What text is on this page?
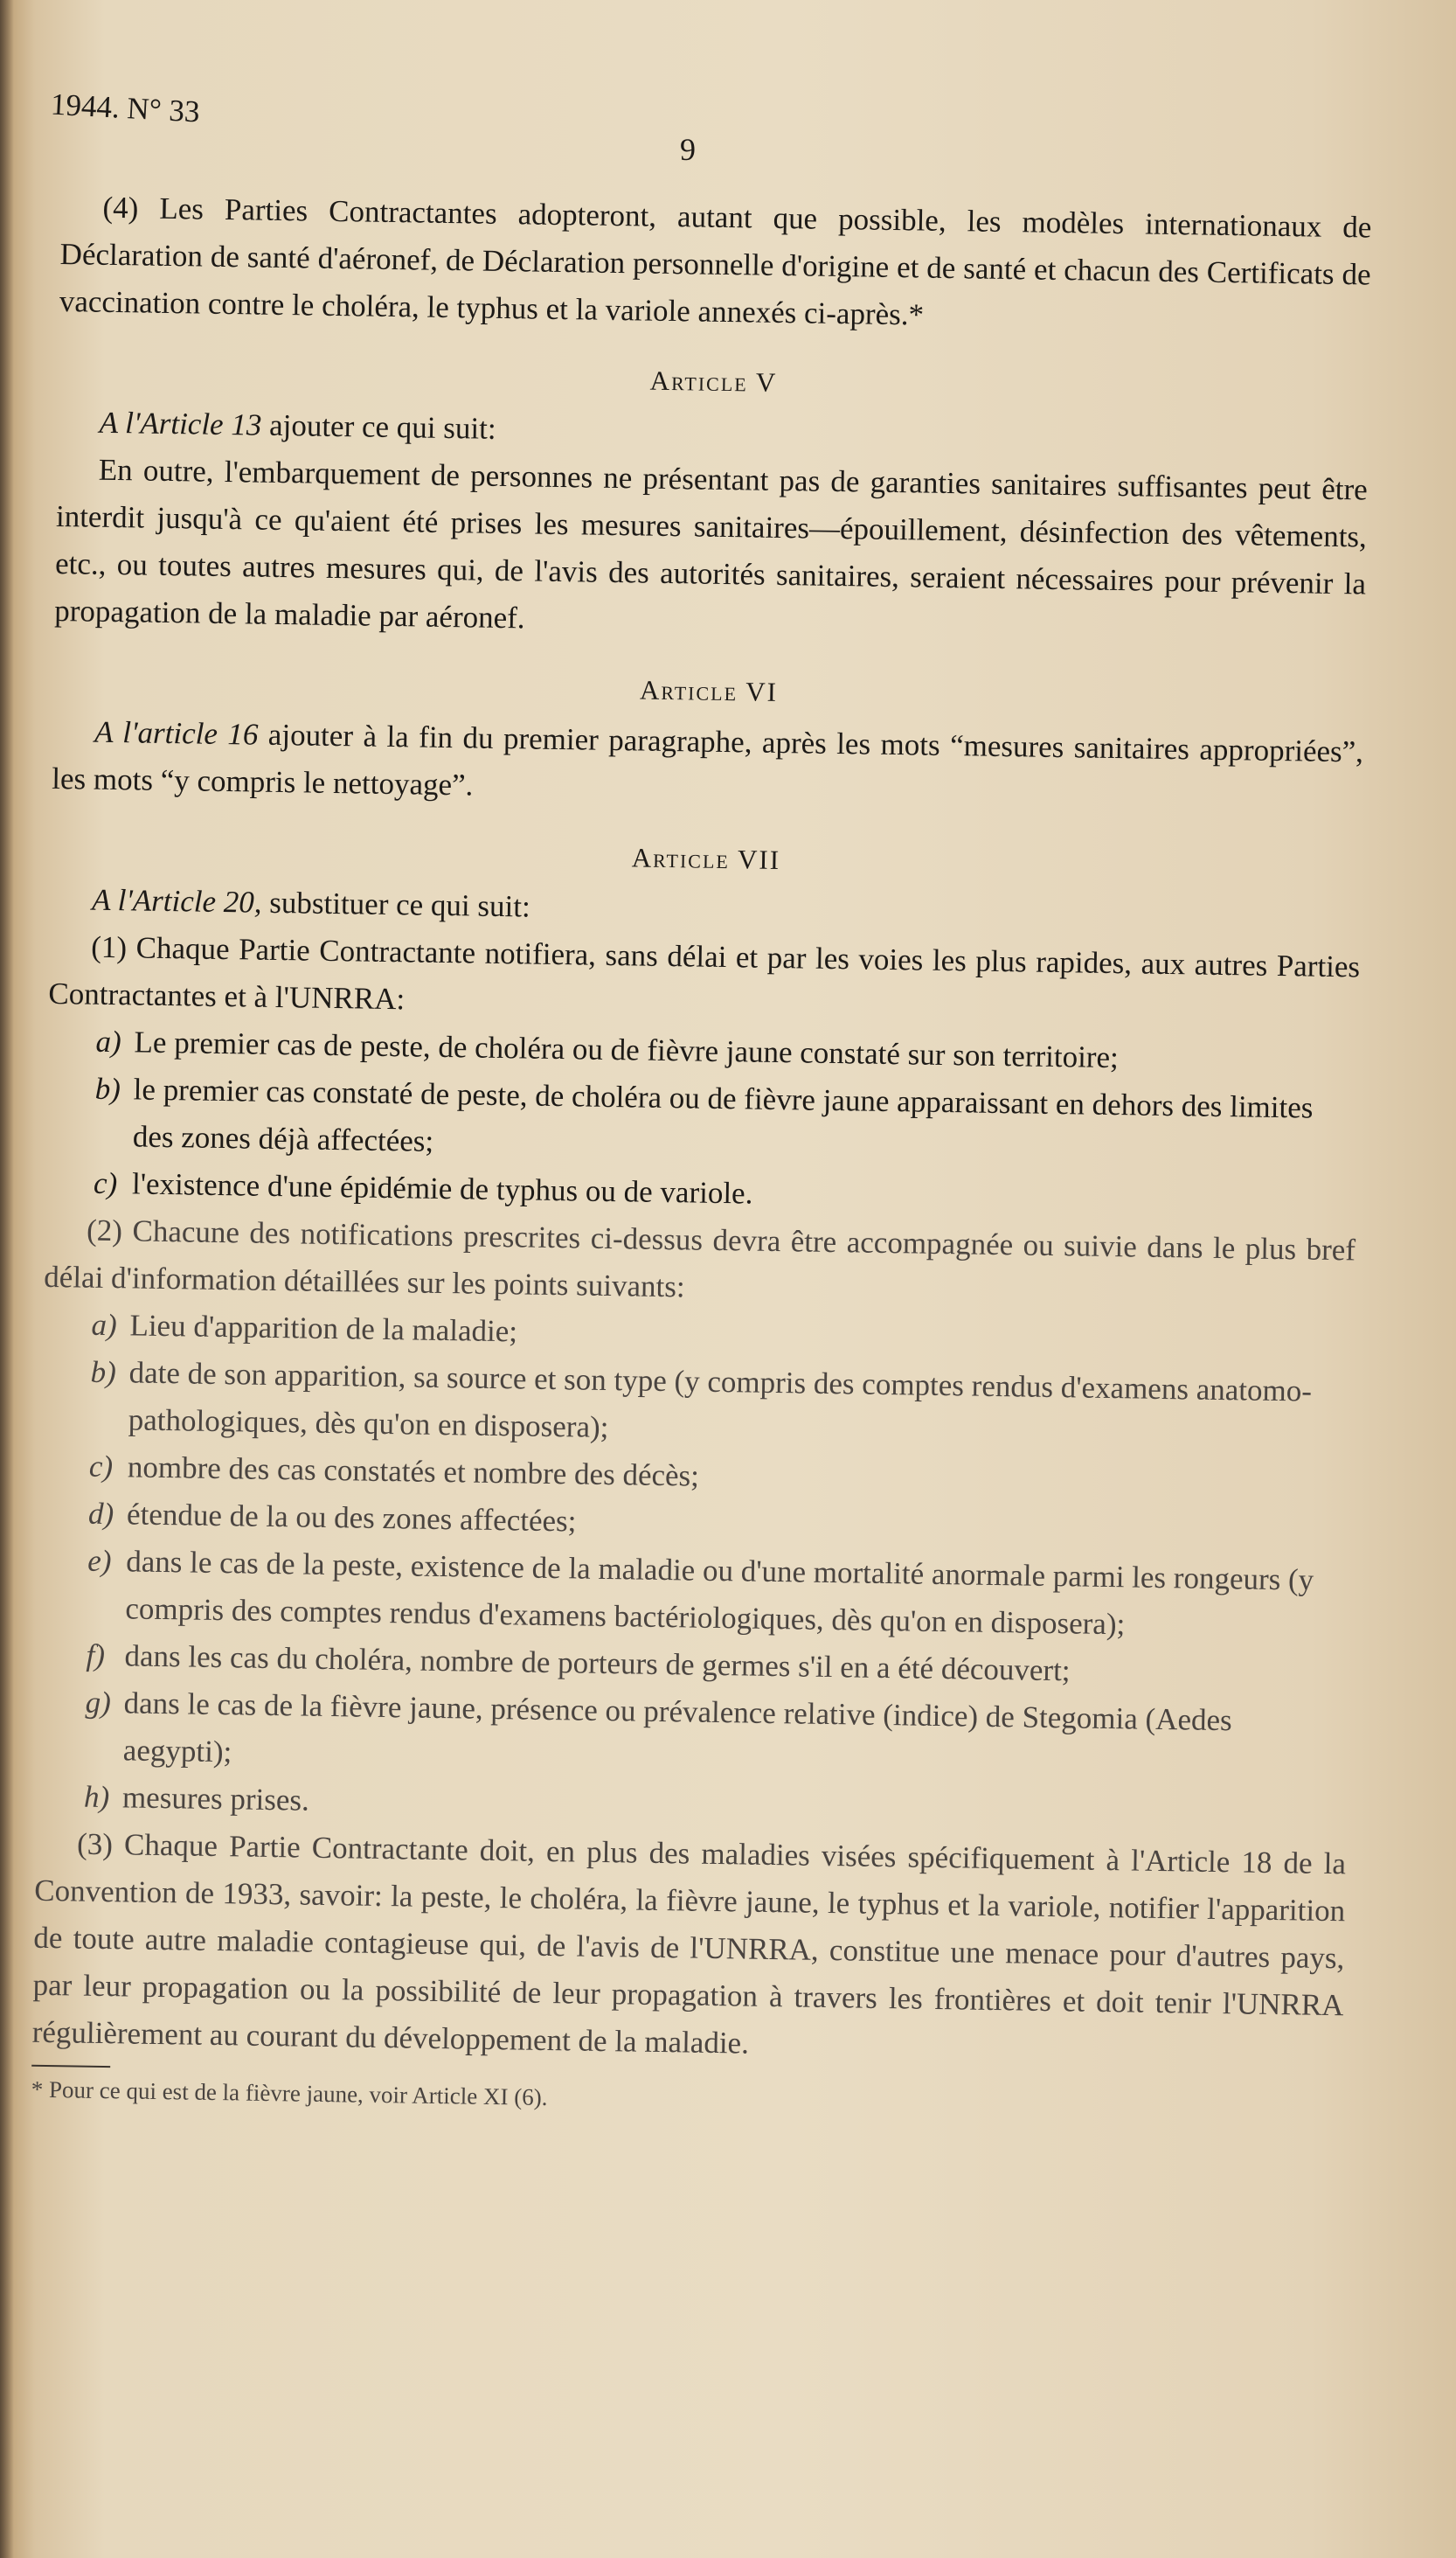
1944. N° 33
9

(4) Les Parties Contractantes adopteront, autant que possible, les modèles internationaux de Déclaration de santé d'aéronef, de Déclaration personnelle d'origine et de santé et chacun des Certificats de vaccination contre le choléra, le typhus et la variole annexés ci-après.*

Article V

A l'Article 13 ajouter ce qui suit:

En outre, l'embarquement de personnes ne présentant pas de garanties sanitaires suffisantes peut être interdit jusqu'à ce qu'aient été prises les mesures sanitaires—épouillement, désinfection des vêtements, etc., ou toutes autres mesures qui, de l'avis des autorités sanitaires, seraient nécessaires pour prévenir la propagation de la maladie par aéronef.

Article VI

A l'article 16 ajouter à la fin du premier paragraphe, après les mots “mesures sanitaires appropriées”, les mots “y compris le nettoyage”.

Article VII

A l'Article 20, substituer ce qui suit:

(1) Chaque Partie Contractante notifiera, sans délai et par les voies les plus rapides, aux autres Parties Contractantes et à l'UNRRA:

a) Le premier cas de peste, de choléra ou de fièvre jaune constaté sur son territoire;
b) le premier cas constaté de peste, de choléra ou de fièvre jaune apparaissant en dehors des limites des zones déjà affectées;
c) l'existence d'une épidémie de typhus ou de variole.

(2) Chacune des notifications prescrites ci-dessus devra être accompagnée ou suivie dans le plus bref délai d'information détaillées sur les points suivants:

a) Lieu d'apparition de la maladie;
b) date de son apparition, sa source et son type (y compris des comptes rendus d'examens anatomo-pathologiques, dès qu'on en disposera);
c) nombre des cas constatés et nombre des décès;
d) étendue de la ou des zones affectées;
e) dans le cas de la peste, existence de la maladie ou d'une mortalité anormale parmi les rongeurs (y compris des comptes rendus d'examens bactériologiques, dès qu'on en disposera);
f) dans les cas du choléra, nombre de porteurs de germes s'il en a été découvert;
g) dans le cas de la fièvre jaune, présence ou prévalence relative (indice) de Stegomia (Aedes aegypti);
h) mesures prises.

(3) Chaque Partie Contractante doit, en plus des maladies visées spécifiquement à l'Article 18 de la Convention de 1933, savoir: la peste, le choléra, la fièvre jaune, le typhus et la variole, notifier l'apparition de toute autre maladie contagieuse qui, de l'avis de l'UNRRA, constitue une menace pour d'autres pays, par leur propagation ou la possibilité de leur propagation à travers les frontières et doit tenir l'UNRRA régulièrement au courant du développement de la maladie.

* Pour ce qui est de la fièvre jaune, voir Article XI (6).
